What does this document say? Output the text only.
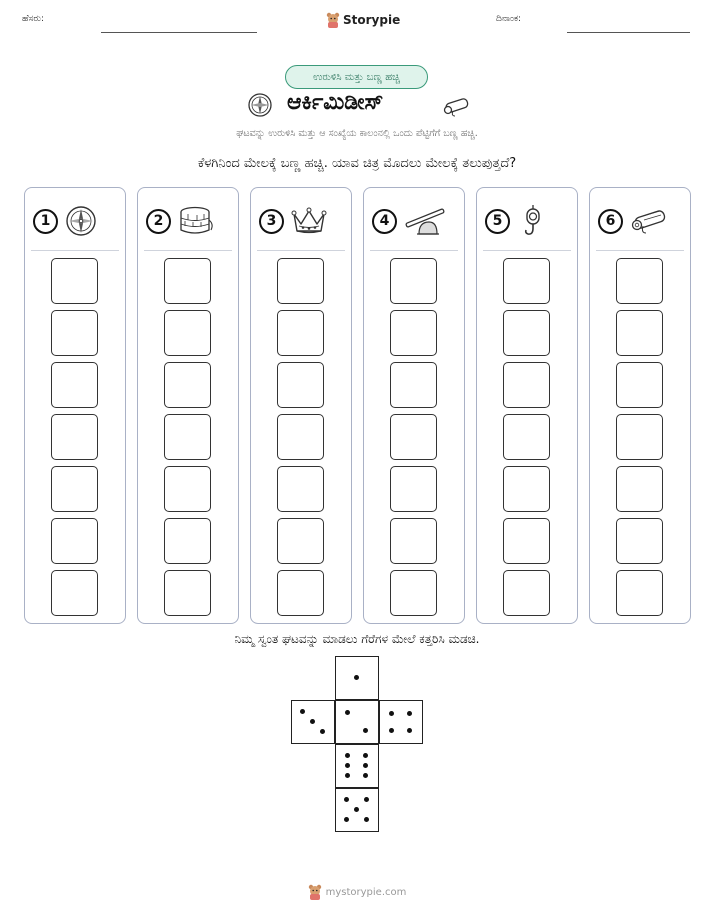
ಹೆಸರು:	Storypie	ದಿನಾಂಕ:
ಉರುಳಿಸಿ ಮತ್ತು ಬಣ್ಣ ಹಚ್ಚಿ
ಆರ್ಕಿಮಿಡೀಸ್
ಘಟವನ್ನು ಉರುಳಿಸಿ ಮತ್ತು ಆ ಸಂಖ್ಯೆಯ ಕಾಲಂನಲ್ಲಿ ಒಂದು ಪೆಟ್ಟಿಗೆಗೆ ಬಣ್ಣ ಹಚ್ಚಿ.
ಕೆಳಗಿನಿಂದ ಮೇಲಕ್ಕೆ ಬಣ್ಣ ಹಚ್ಚಿ. ಯಾವ ಚಿತ್ರ ಮೊದಲು ಮೇಲಕ್ಕೆ ತಲುಪುತ್ತದೆ?
1	2	3	4	5	6
ನಿಮ್ಮ ಸ್ವಂತ ಘಟವನ್ನು ಮಾಡಲು ಗೆರೆಗಳ ಮೇಲೆ ಕತ್ತರಿಸಿ ಮಡಚಿ.
mystorypie.com
